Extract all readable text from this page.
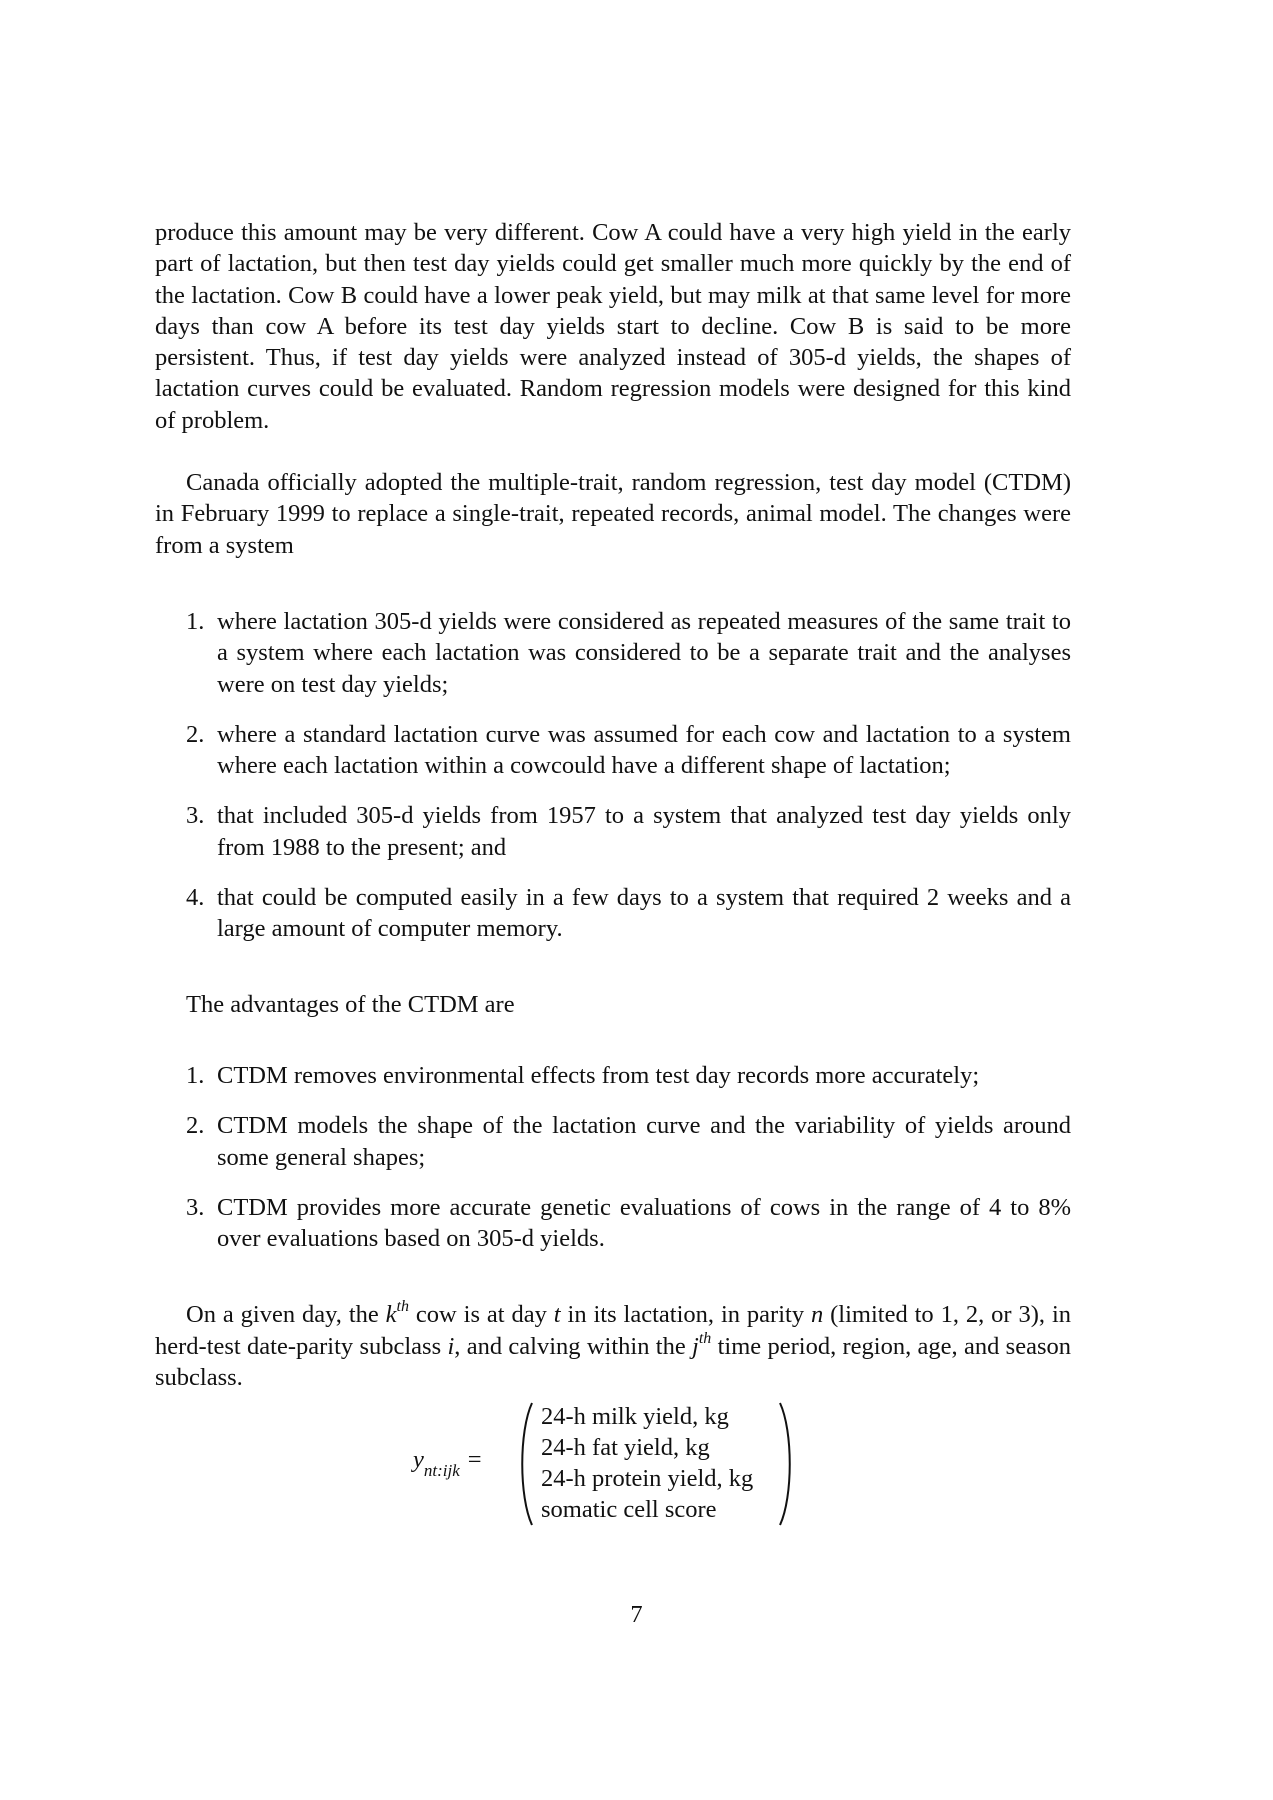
produce this amount may be very different. Cow A could have a very high yield in the early part of lactation, but then test day yields could get smaller much more quickly by the end of the lactation. Cow B could have a lower peak yield, but may milk at that same level for more days than cow A before its test day yields start to decline. Cow B is said to be more persistent. Thus, if test day yields were analyzed instead of 305-d yields, the shapes of lactation curves could be evaluated. Random regression models were designed for this kind of problem.

Canada officially adopted the multiple-trait, random regression, test day model (CTDM) in February 1999 to replace a single-trait, repeated records, animal model. The changes were from a system

1. where lactation 305-d yields were considered as repeated measures of the same trait to a system where each lactation was considered to be a separate trait and the analyses were on test day yields;
2. where a standard lactation curve was assumed for each cow and lactation to a system where each lactation within a cowcould have a different shape of lactation;
3. that included 305-d yields from 1957 to a system that analyzed test day yields only from 1988 to the present; and
4. that could be computed easily in a few days to a system that required 2 weeks and a large amount of computer memory.

The advantages of the CTDM are

1. CTDM removes environmental effects from test day records more accurately;
2. CTDM models the shape of the lactation curve and the variability of yields around some general shapes;
3. CTDM provides more accurate genetic evaluations of cows in the range of 4 to 8% over evaluations based on 305-d yields.

On a given day, the $k^{th}$ cow is at day t in its lactation, in parity n (limited to 1, 2, or 3), in herd-test date-parity subclass i, and calving within the $j^{th}$ time period, region, age, and season subclass.

$y_{nt:ijk}$ =
24-h milk yield, kg
24-h fat yield, kg
24-h protein yield, kg
somatic cell score
7
